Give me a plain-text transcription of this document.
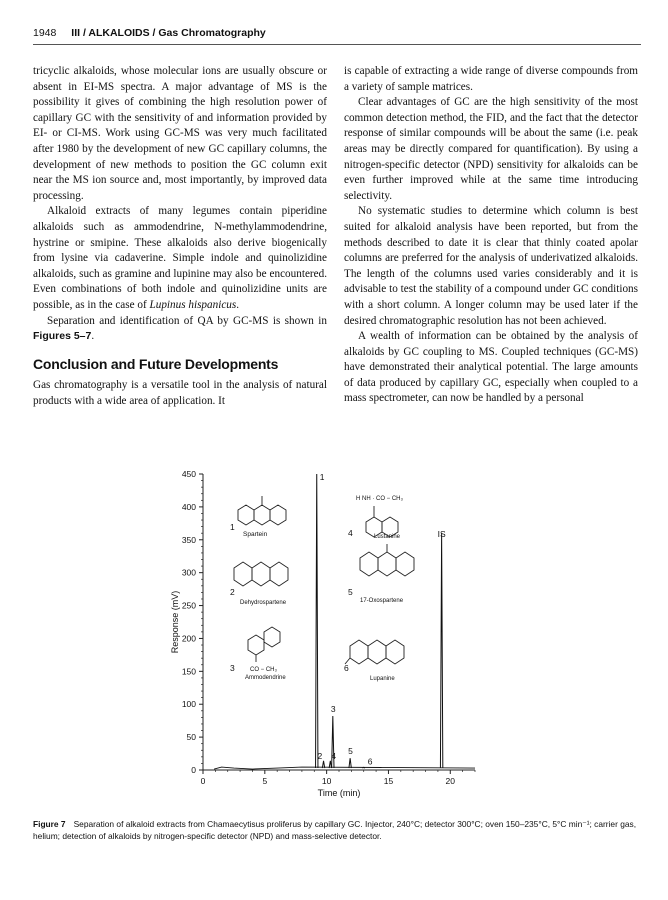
1948 III / ALKALOIDS / Gas Chromatography

tricyclic alkaloids, whose molecular ions are usually obscure or absent in EI-MS spectra. A major advantage of MS is the possibility it gives of combining the high resolution power of capillary GC with the sensitivity of and information provided by EI- or CI-MS. Work using GC-MS was very much facilitated after 1980 by the development of new GC capillary columns, the development of new methods to position the GC column exit near the MS ion source and, most importantly, by improved data processing.

Alkaloid extracts of many legumes contain piperidine alkaloids such as ammodendrine, N-methylammodendrine, hystrine or smipine. These alkaloids also derive biogenically from lysine via cadaverine. Simple indole and quinolizidine alkaloids, such as gramine and lupinine may also be encountered. Even combinations of both indole and quinolizidine units are possible, as in the case of Lupinus hispanicus.

Separation and identification of QA by GC-MS is shown in Figures 5–7.

Conclusion and Future Developments

Gas chromatography is a versatile tool in the analysis of natural products with a wide area of application. It

is capable of extracting a wide range of diverse compounds from a variety of sample matrices.

Clear advantages of GC are the high sensitivity of the most common detection method, the FID, and the fact that the detector response of similar compounds will be about the same (i.e. peak areas may be directly compared for quantification). By using a nitrogen-specific detector (NPD) sensitivity for alkaloids can be even further improved while at the same time introducing selectivity.

No systematic studies to determine which column is best suited for alkaloid analysis have been reported, but from the methods described to date it is clear that thinly coated apolar columns are preferred for the analysis of underivatized alkaloids. The length of the columns used varies considerably and it is advisable to test the stability of a compound under GC conditions with a short column. A longer column may be used later if the desired chromatographic resolution has not been achieved.

A wealth of information can be obtained by the analysis of alkaloids by GC coupling to MS. Coupled techniques (GC-MS) have demonstrated their analytical potential. The large amounts of data produced by capillary GC, especially when coupled to a mass spectrometer, can now be handled by a personal

0
50
100
150
200
250
300
350
400
450
0	5	10	15	20
Time (min)
Response (mV)
1
Spartein	4	Lustanine
H NH · CO − CH₃
2
Dehydrospartene
5
17-Oxospartene
3	CO − CH₃
Ammodendrine
6
Lupanine
1
2 4
3
5
6
IS
Figure 7 Separation of alkaloid extracts from Chamaecytisus proliferus by capillary GC. Injector, 240°C; detector 300°C; oven 150–235°C, 5°C min⁻¹; carrier gas, helium; detection of alkaloids by nitrogen-specific detector (NPD) and mass-selective detector.
